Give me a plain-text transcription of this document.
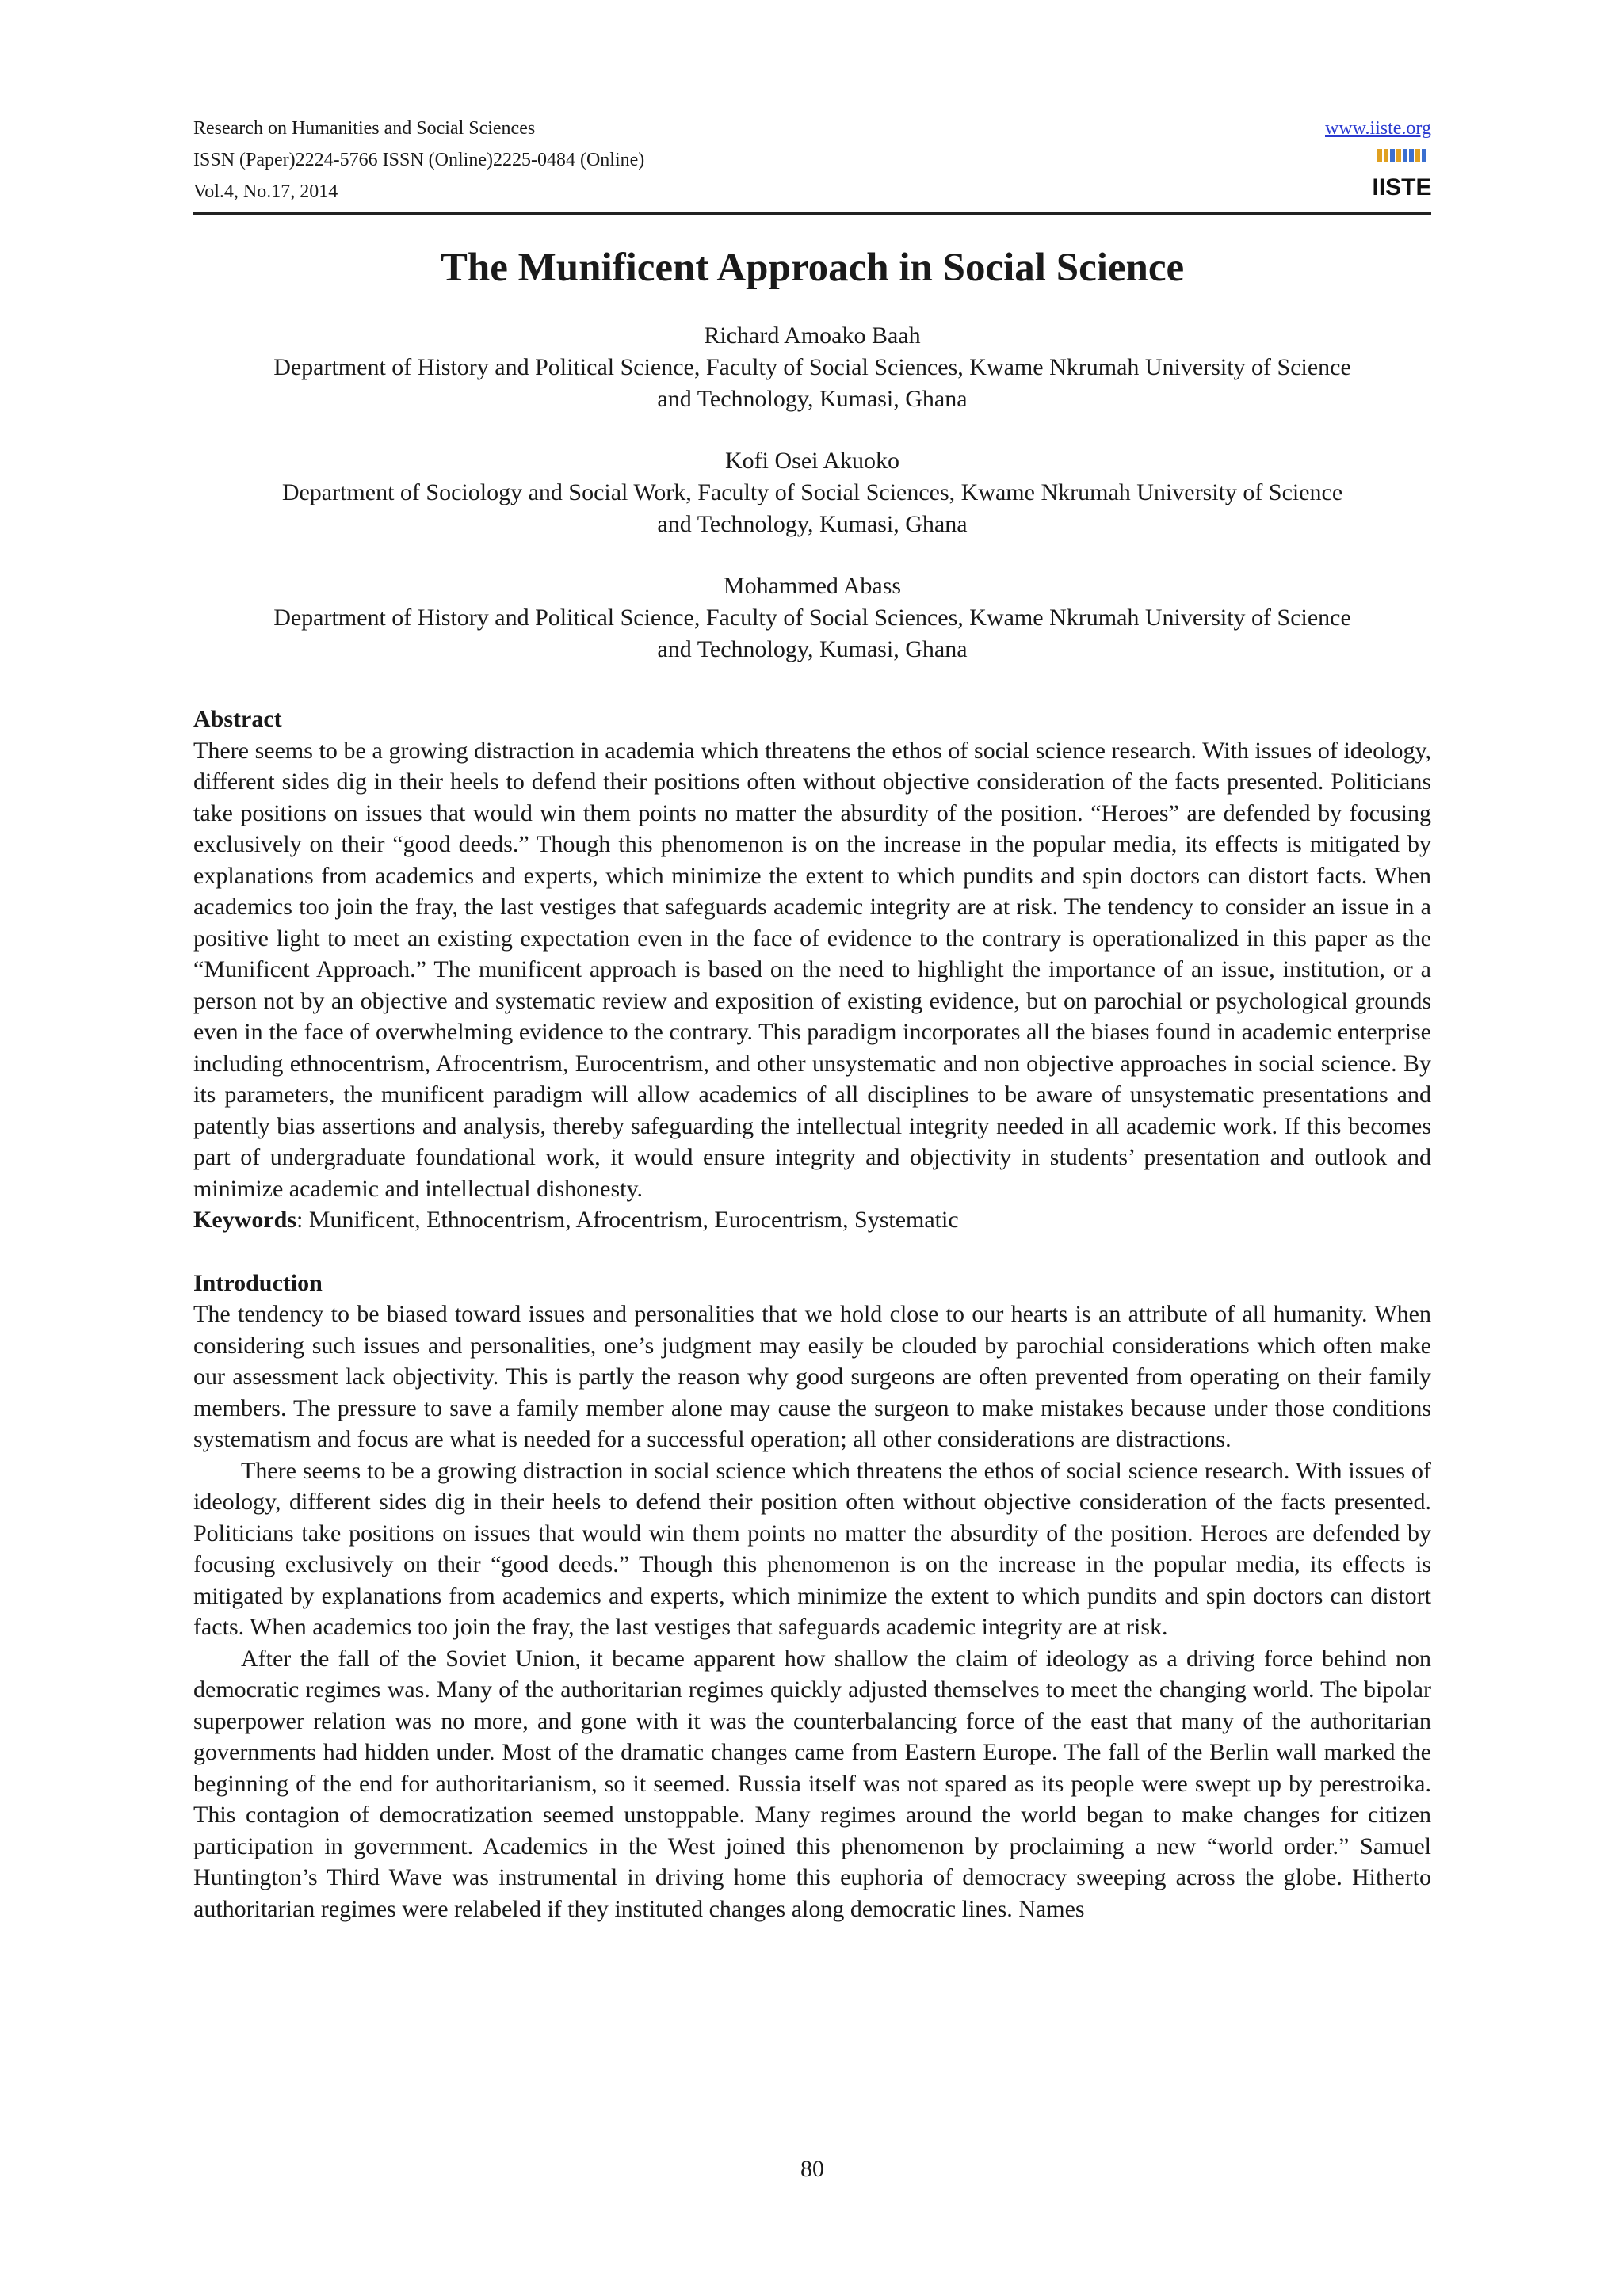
Research on Humanities and Social Sciences
ISSN (Paper)2224-5766 ISSN (Online)2225-0484 (Online)
Vol.4, No.17, 2014
www.iiste.org
IISTE
The Munificent Approach in Social Science
Richard Amoako Baah
Department of History and Political Science, Faculty of Social Sciences, Kwame Nkrumah University of Science
and Technology, Kumasi, Ghana
Kofi Osei Akuoko
Department of Sociology and Social Work, Faculty of Social Sciences, Kwame Nkrumah University of Science
and Technology, Kumasi, Ghana
Mohammed Abass
Department of History and Political Science, Faculty of Social Sciences, Kwame Nkrumah University of Science
and Technology, Kumasi, Ghana

Abstract

There seems to be a growing distraction in academia which threatens the ethos of social science research. With issues of ideology, different sides dig in their heels to defend their positions often without objective consideration of the facts presented. Politicians take positions on issues that would win them points no matter the absurdity of the position. “Heroes” are defended by focusing exclusively on their “good deeds.” Though this phenomenon is on the increase in the popular media, its effects is mitigated by explanations from academics and experts, which minimize the extent to which pundits and spin doctors can distort facts. When academics too join the fray, the last vestiges that safeguards academic integrity are at risk. The tendency to consider an issue in a positive light to meet an existing expectation even in the face of evidence to the contrary is operationalized in this paper as the “Munificent Approach.” The munificent approach is based on the need to highlight the importance of an issue, institution, or a person not by an objective and systematic review and exposition of existing evidence, but on parochial or psychological grounds even in the face of overwhelming evidence to the contrary. This paradigm incorporates all the biases found in academic enterprise including ethnocentrism, Afrocentrism, Eurocentrism, and other unsystematic and non objective approaches in social science. By its parameters, the munificent paradigm will allow academics of all disciplines to be aware of unsystematic presentations and patently bias assertions and analysis, thereby safeguarding the intellectual integrity needed in all academic work. If this becomes part of undergraduate foundational work, it would ensure integrity and objectivity in students’ presentation and outlook and minimize academic and intellectual dishonesty.

Keywords: Munificent, Ethnocentrism, Afrocentrism, Eurocentrism, Systematic

Introduction

The tendency to be biased toward issues and personalities that we hold close to our hearts is an attribute of all humanity. When considering such issues and personalities, one’s judgment may easily be clouded by parochial considerations which often make our assessment lack objectivity. This is partly the reason why good surgeons are often prevented from operating on their family members. The pressure to save a family member alone may cause the surgeon to make mistakes because under those conditions systematism and focus are what is needed for a successful operation; all other considerations are distractions.

There seems to be a growing distraction in social science which threatens the ethos of social science research. With issues of ideology, different sides dig in their heels to defend their position often without objective consideration of the facts presented. Politicians take positions on issues that would win them points no matter the absurdity of the position. Heroes are defended by focusing exclusively on their “good deeds.” Though this phenomenon is on the increase in the popular media, its effects is mitigated by explanations from academics and experts, which minimize the extent to which pundits and spin doctors can distort facts. When academics too join the fray, the last vestiges that safeguards academic integrity are at risk.

After the fall of the Soviet Union, it became apparent how shallow the claim of ideology as a driving force behind non democratic regimes was. Many of the authoritarian regimes quickly adjusted themselves to meet the changing world. The bipolar superpower relation was no more, and gone with it was the counterbalancing force of the east that many of the authoritarian governments had hidden under. Most of the dramatic changes came from Eastern Europe. The fall of the Berlin wall marked the beginning of the end for authoritarianism, so it seemed. Russia itself was not spared as its people were swept up by perestroika. This contagion of democratization seemed unstoppable. Many regimes around the world began to make changes for citizen participation in government. Academics in the West joined this phenomenon by proclaiming a new “world order.” Samuel Huntington’s Third Wave was instrumental in driving home this euphoria of democracy sweeping across the globe. Hitherto authoritarian regimes were relabeled if they instituted changes along democratic lines. Names

80
